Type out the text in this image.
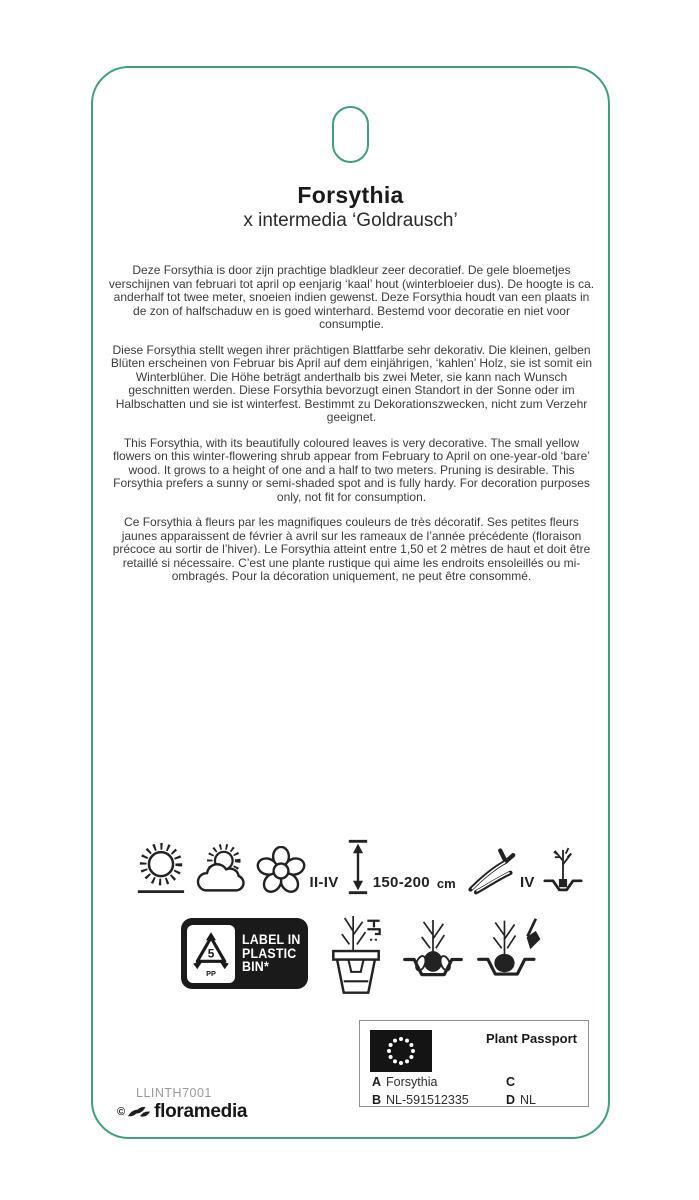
Forsythia
x intermedia ‘Goldrausch’

Deze Forsythia is door zijn prachtige bladkleur zeer decoratief. De gele bloemetjes verschijnen van februari tot april op eenjarig ‘kaal’ hout (winterbloeier dus). De hoogte is ca. anderhalf tot twee meter, snoeien indien gewenst. Deze Forsythia houdt van een plaats in de zon of halfschaduw en is goed winterhard. Bestemd voor decoratie en niet voor consumptie.

Diese Forsythia stellt wegen ihrer prächtigen Blattfarbe sehr dekorativ. Die kleinen, gelben Blüten erscheinen von Februar bis April auf dem einjährigen, ‘kahlen’ Holz, sie ist somit ein Winterblüher. Die Höhe beträgt anderthalb bis zwei Meter, sie kann nach Wunsch geschnitten werden. Diese Forsythia bevorzugt einen Standort in der Sonne oder im Halbschatten und sie ist winterfest. Bestimmt zu Dekorationszwecken, nicht zum Verzehr geeignet.

This Forsythia, with its beautifully coloured leaves is very decorative. The small yellow flowers on this winter-flowering shrub appear from February to April on one-year-old ‘bare’ wood. It grows to a height of one and a half to two meters. Pruning is desirable. This Forsythia prefers a sunny or semi-shaded spot and is fully hardy. For decoration purposes only, not fit for consumption.

Ce Forsythia à fleurs par les magnifiques couleurs de très décoratif. Ses petites fleurs jaunes apparaissent de février à avril sur les rameaux de l’année précédente (floraison précoce au sortir de l’hiver). Le Forsythia atteint entre 1,50 et 2 mètres de haut et doit être retaillé si nécessaire. C’est une plante rustique qui aime les endroits ensoleillés ou mi-ombragés. Pour la décoration uniquement, ne peut être consommé.

II-IV 150-200 cm	IV
5
PP
LABEL IN
PLASTIC
BIN*
Plant Passport
A Forsythia	C
B NL-591512335	D NL
LLINTH7001
© floramedia
